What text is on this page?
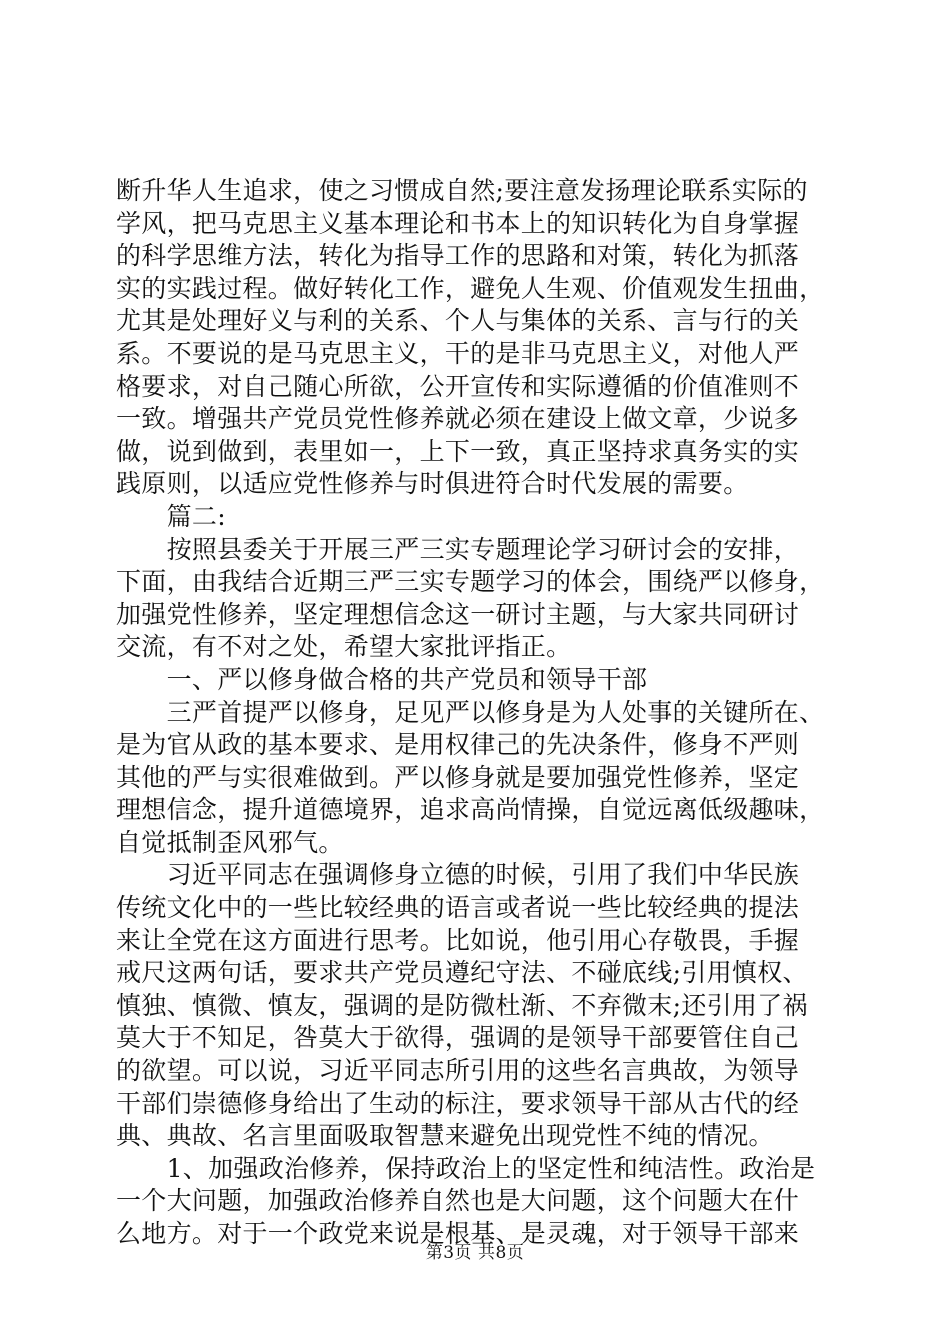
断升华人生追求，使之习惯成自然;要注意发扬理论联系实际的
学风，把马克思主义基本理论和书本上的知识转化为自身掌握
的科学思维方法，转化为指导工作的思路和对策，转化为抓落
实的实践过程。做好转化工作，避免人生观、价值观发生扭曲，
尤其是处理好义与利的关系、个人与集体的关系、言与行的关
系。不要说的是马克思主义，干的是非马克思主义，对他人严
格要求，对自己随心所欲，公开宣传和实际遵循的价值准则不
一致。增强共产党员党性修养就必须在建设上做文章，少说多
做，说到做到，表里如一，上下一致，真正坚持求真务实的实
践原则，以适应党性修养与时俱进符合时代发展的需要。
　　篇二:
　　按照县委关于开展三严三实专题理论学习研讨会的安排，
下面，由我结合近期三严三实专题学习的体会，围绕严以修身，
加强党性修养，坚定理想信念这一研讨主题，与大家共同研讨
交流，有不对之处，希望大家批评指正。
　　一、严以修身做合格的共产党员和领导干部
　　三严首提严以修身，足见严以修身是为人处事的关键所在、
是为官从政的基本要求、是用权律己的先决条件，修身不严则
其他的严与实很难做到。严以修身就是要加强党性修养，坚定
理想信念，提升道德境界，追求高尚情操，自觉远离低级趣味，
自觉抵制歪风邪气。
　　习近平同志在强调修身立德的时候，引用了我们中华民族
传统文化中的一些比较经典的语言或者说一些比较经典的提法
来让全党在这方面进行思考。比如说，他引用心存敬畏，手握
戒尺这两句话，要求共产党员遵纪守法、不碰底线;引用慎权、
慎独、慎微、慎友，强调的是防微杜渐、不弃微末;还引用了祸
莫大于不知足，咎莫大于欲得，强调的是领导干部要管住自己
的欲望。可以说，习近平同志所引用的这些名言典故，为领导
干部们崇德修身给出了生动的标注，要求领导干部从古代的经
典、典故、名言里面吸取智慧来避免出现党性不纯的情况。
　　1、加强政治修养，保持政治上的坚定性和纯洁性。政治是
一个大问题，加强政治修养自然也是大问题，这个问题大在什
么地方。对于一个政党来说是根基、是灵魂，对于领导干部来
第3页 共8页
